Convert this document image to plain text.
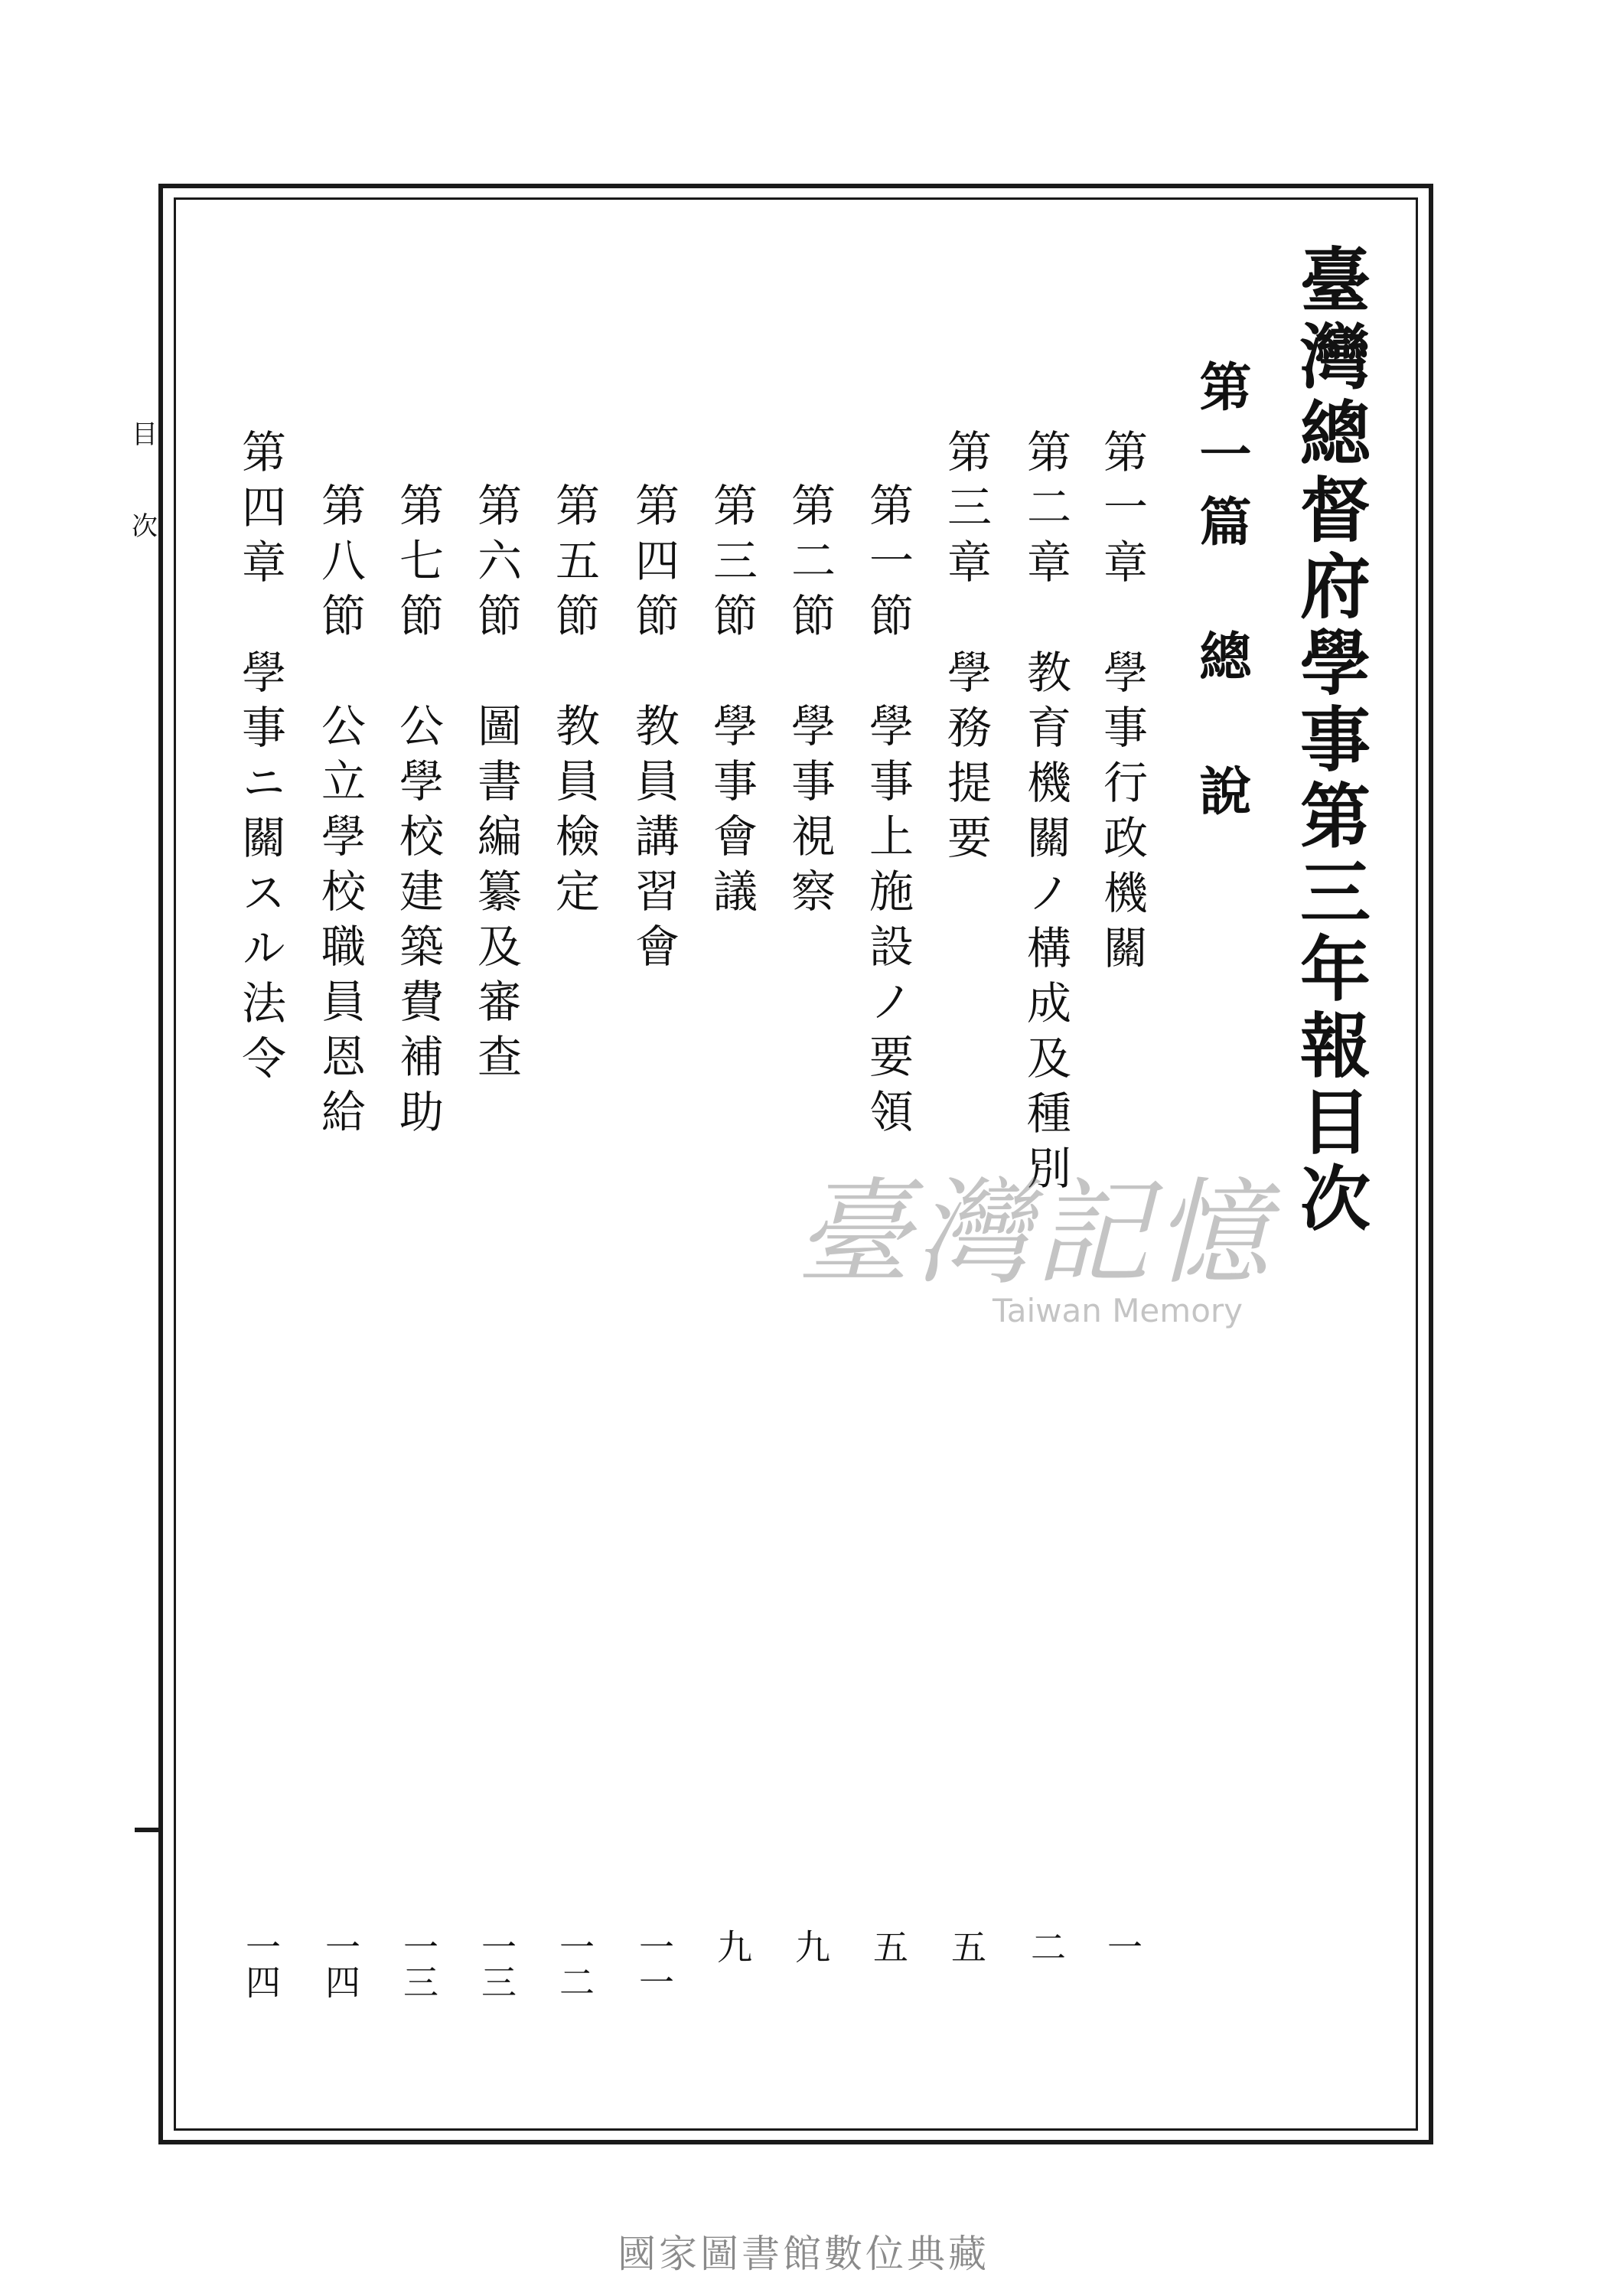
臺灣總督府學事第三年報目次
第一篇　總　說
第一章　學事行政機關
第二章　教育機關ノ構成及種別
第三章　學務提要
第一節　學事上施設ノ要領
第二節　學事視察
第三節　學事會議
第四節　教員講習會
第五節　教員檢定
第六節　圖書編纂及審查
第七節　公學校建築費補助
第八節　公立學校職員恩給
第四章　學事ニ關スル法令
一
二
五
五
九
九
一一
一二
一三
一三
一四
一四
目
次
臺灣記憶
Taiwan Memory
國家圖書館數位典藏
